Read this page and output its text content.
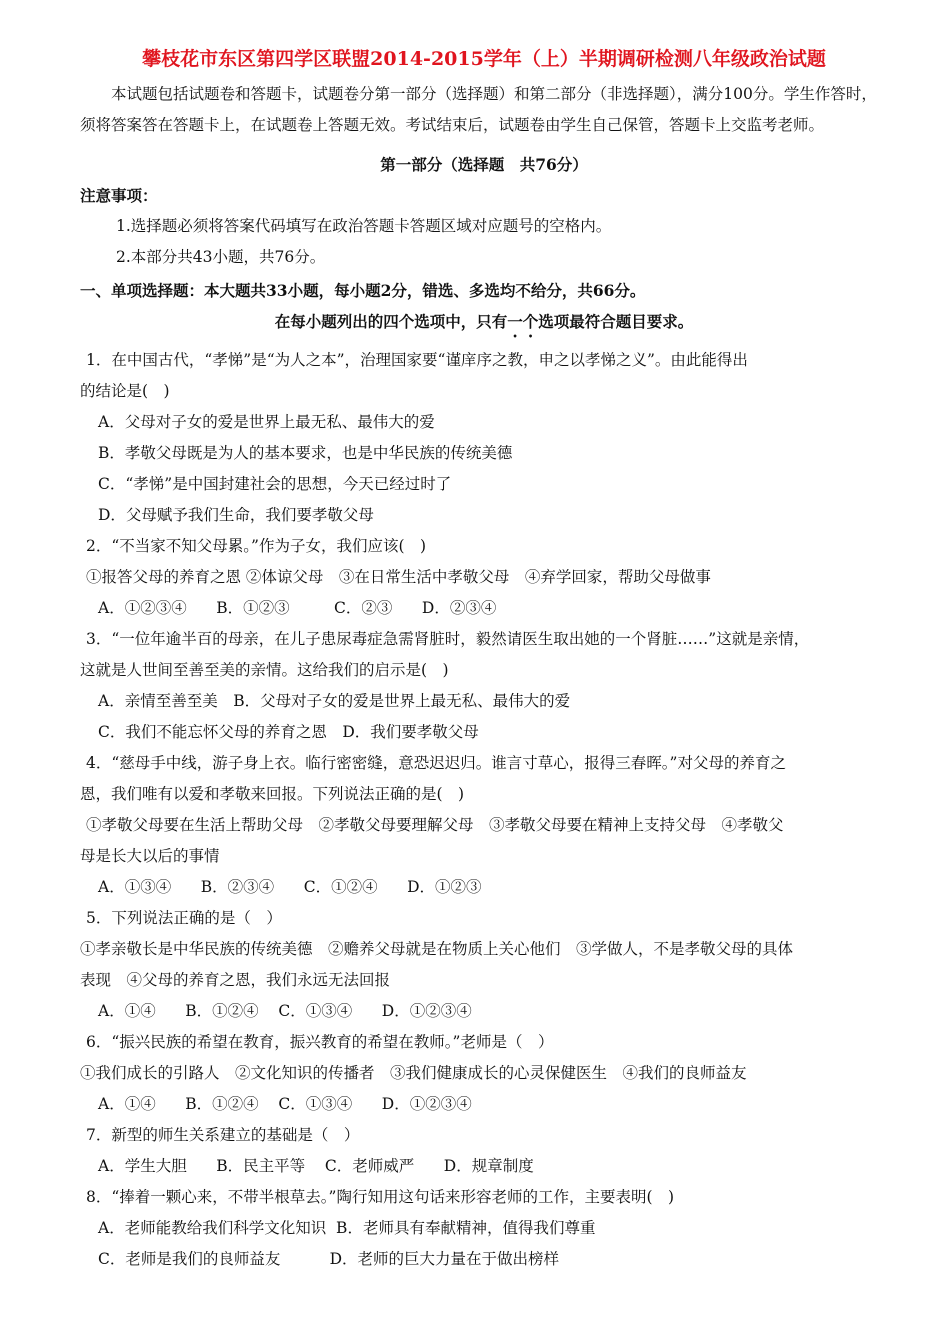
攀枝花市东区第四学区联盟2014-2015学年（上）半期调研检测八年级政治试题

本试题包括试题卷和答题卡，试题卷分第一部分（选择题）和第二部分（非选择题），满分100分。学生作答时，须将答案答在答题卡上，在试题卷上答题无效。考试结束后，试题卷由学生自己保管，答题卡上交监考老师。

第一部分（选择题　共76分）
注意事项：
1.选择题必须将答案代码填写在政治答题卡答题区域对应题号的空格内。
2.本部分共43小题，共76分。
一、单项选择题：本大题共33小题，每小题2分，错选、多选均不给分，共66分。
在每小题列出的四个选项中，只有一个选项最符合题目要求。
1．在中国古代，“孝悌”是“为人之本”，治理国家要“谨庠序之教，申之以孝悌之义”。由此能得出
的结论是(　)
A．父母对子女的爱是世界上最无私、最伟大的爱
B．孝敬父母既是为人的基本要求，也是中华民族的传统美德
C．“孝悌”是中国封建社会的思想，今天已经过时了
D．父母赋予我们生命，我们要孝敬父母
2．“不当家不知父母累。”作为子女，我们应该(　)
①报答父母的养育之恩 ②体谅父母　③在日常生活中孝敬父母　④弃学回家，帮助父母做事
A．①②③④      B．①②③         C．②③      D．②③④
3．“一位年逾半百的母亲，在儿子患尿毒症急需肾脏时，毅然请医生取出她的一个肾脏……”这就是亲情，
这就是人世间至善至美的亲情。这给我们的启示是(　)
A．亲情至善至美　B．父母对子女的爱是世界上最无私、最伟大的爱
C．我们不能忘怀父母的养育之恩　D．我们要孝敬父母
4．“慈母手中线，游子身上衣。临行密密缝，意恐迟迟归。谁言寸草心，报得三春晖。”对父母的养育之
恩，我们唯有以爱和孝敬来回报。下列说法正确的是(　)
①孝敬父母要在生活上帮助父母　②孝敬父母要理解父母　③孝敬父母要在精神上支持父母　④孝敬父
母是长大以后的事情
A．①③④      B．②③④      C．①②④      D．①②③
5．下列说法正确的是（　）
①孝亲敬长是中华民族的传统美德　②赡养父母就是在物质上关心他们　③学做人，不是孝敬父母的具体
表现　④父母的养育之恩，我们永远无法回报
A．①④      B．①②④    C．①③④      D．①②③④
6．“振兴民族的希望在教育，振兴教育的希望在教师。”老师是（　）
①我们成长的引路人　②文化知识的传播者　③我们健康成长的心灵保健医生　④我们的良师益友
A．①④      B．①②④    C．①③④      D．①②③④
7．新型的师生关系建立的基础是（　）
A．学生大胆      B．民主平等    C．老师威严      D．规章制度
8．“捧着一颗心来，不带半根草去。”陶行知用这句话来形容老师的工作，主要表明(　)
A．老师能教给我们科学文化知识  B．老师具有奉献精神，值得我们尊重
C．老师是我们的良师益友          D．老师的巨大力量在于做出榜样
